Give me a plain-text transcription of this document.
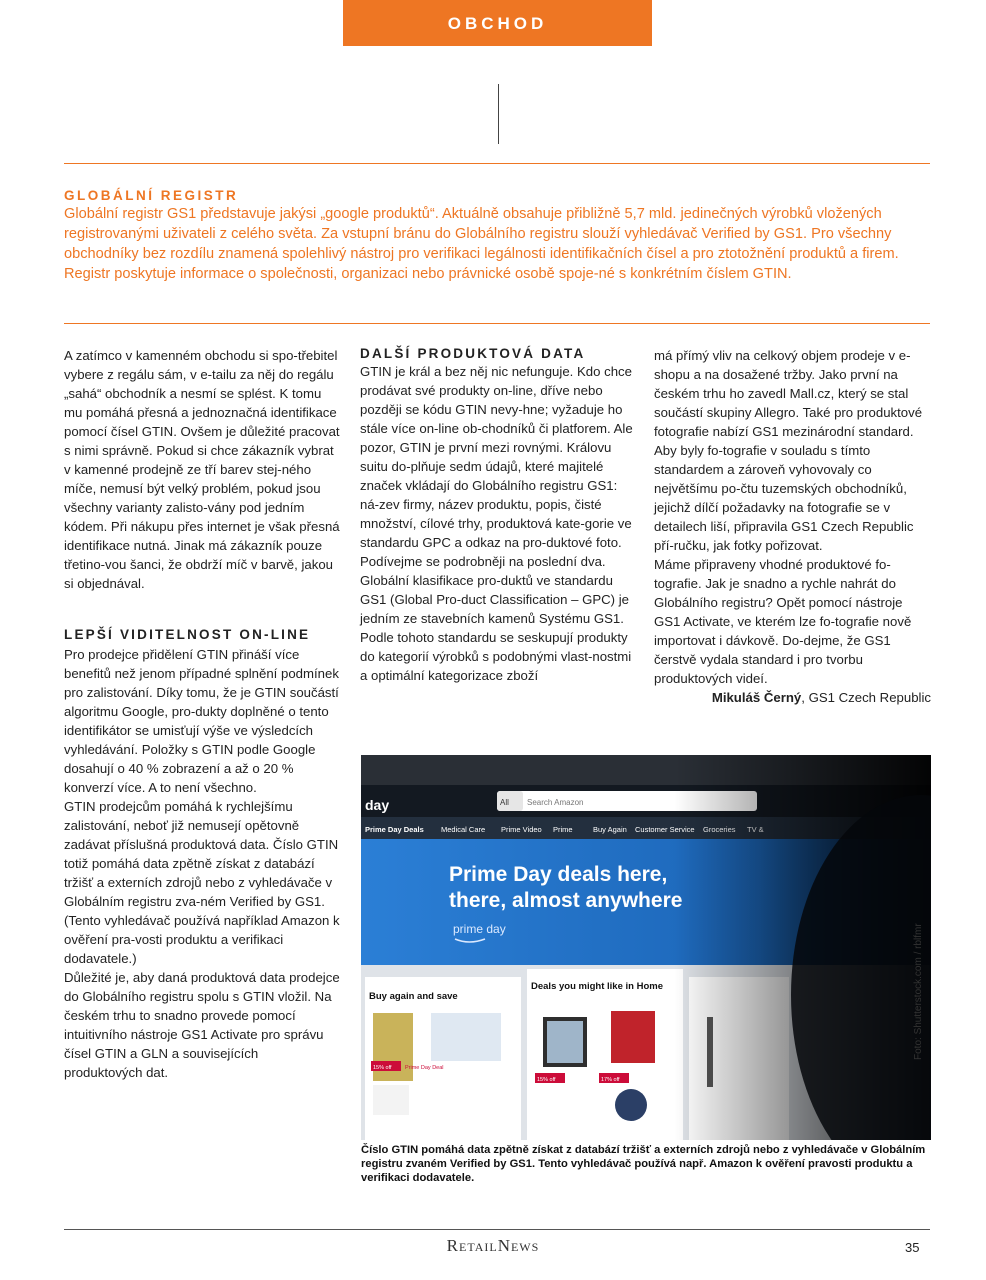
OBCHOD
GLOBÁLNÍ REGISTR

Globální registr GS1 představuje jakýsi „google produktů“. Aktuálně obsahuje přibližně 5,7 mld. jedinečných výrobků vložených registrovanými uživateli z celého světa. Za vstupní bránu do Globálního registru slouží vyhledávač Verified by GS1. Pro všechny obchodníky bez rozdílu znamená spolehlivý nástroj pro verifikaci legálnosti identifikačních čísel a pro ztotožnění produktů a firem. Registr poskytuje informace o společnosti, organizaci nebo právnické osobě spoje-né s konkrétním číslem GTIN.

A zatímco v kamenném obchodu si spo-třebitel vybere z regálu sám, v e-tailu za něj do regálu „sahá“ obchodník a nesmí se splést. K tomu mu pomáhá přesná a jednoznačná identifikace pomocí čísel GTIN. Ovšem je důležité pracovat s nimi správně. Pokud si chce zákazník vybrat v kamenné prodejně ze tří barev stej-ného míče, nemusí být velký problém, pokud jsou všechny varianty zalisto-vány pod jedním kódem. Při nákupu přes internet je však přesná identifikace nutná. Jinak má zákazník pouze třetino-vou šanci, že obdrží míč v barvě, jakou si objednával.

LEPŠÍ VIDITELNOST ON-LINE

Pro prodejce přidělení GTIN přináší více benefitů než jenom případné splnění podmínek pro zalistování. Díky tomu, že je GTIN součástí algoritmu Google, pro-dukty doplněné o tento identifikátor se umisťují výše ve výsledcích vyhledávání. Položky s GTIN podle Google dosahují o 40 % zobrazení a až o 20 % konverzí více. A to není všechno.

GTIN prodejcům pomáhá k rychlejšímu zalistování, neboť již nemusejí opětovně zadávat příslušná produktová data. Číslo GTIN totiž pomáhá data zpětně získat z databází tržišť a externích zdrojů nebo z vyhledávače v Globálním registru zva-ném Verified by GS1. (Tento vyhledávač používá například Amazon k ověření pra-vosti produktu a verifikaci dodavatele.)

Důležité je, aby daná produktová data prodejce do Globálního registru spolu s GTIN vložil. Na českém trhu to snadno provede pomocí intuitivního nástroje GS1 Activate pro správu čísel GTIN a GLN a souvisejících produktových dat.

DALŠÍ PRODUKTOVÁ DATA

GTIN je král a bez něj nic nefunguje. Kdo chce prodávat své produkty on-line, dříve nebo později se kódu GTIN nevy-hne; vyžaduje ho stále více on-line ob-chodníků či platforem. Ale pozor, GTIN je první mezi rovnými. Královu suitu do-plňuje sedm údajů, které majitelé značek vkládají do Globálního registru GS1: ná-zev firmy, název produktu, popis, čisté množství, cílové trhy, produktová kate-gorie ve standardu GPC a odkaz na pro-duktové foto. Podívejme se podrobněji na poslední dva. Globální klasifikace pro-duktů ve standardu GS1 (Global Pro-duct Classification – GPC) je jedním ze stavebních kamenů Systému GS1. Podle tohoto standardu se seskupují produkty do kategorií výrobků s podobnými vlast-nostmi a optimální kategorizace zboží

má přímý vliv na celkový objem prodeje v e-shopu a na dosažené tržby. Jako první na českém trhu ho zavedl Mall.cz, který se stal součástí skupiny Allegro. Také pro produktové fotografie nabízí GS1 mezinárodní standard. Aby byly fo-tografie v souladu s tímto standardem a zároveň vyhovovaly co největšímu po-čtu tuzemských obchodníků, jejichž dílčí požadavky na fotografie se v detailech liší, připravila GS1 Czech Republic pří-ručku, jak fotky pořizovat.

Máme připraveny vhodné produktové fo-tografie. Jak je snadno a rychle nahrát do Globálního registru? Opět pomocí nástroje GS1 Activate, ve kterém lze fo-tografie nově importovat i dávkově. Do-dejme, že GS1 čerstvě vydala standard i pro tvorbu produktových videí.

Mikuláš Černý, GS1 Czech Republic

Foto: Shutterstock.com / rblfmr
Číslo GTIN pomáhá data zpětně získat z databází tržišť a externích zdrojů nebo z vyhledávače v Globálním registru zvaném Verified by GS1. Tento vyhledávač používá např. Amazon k ověření pravosti produktu a verifikaci dodavatele.
RetailNews	35
